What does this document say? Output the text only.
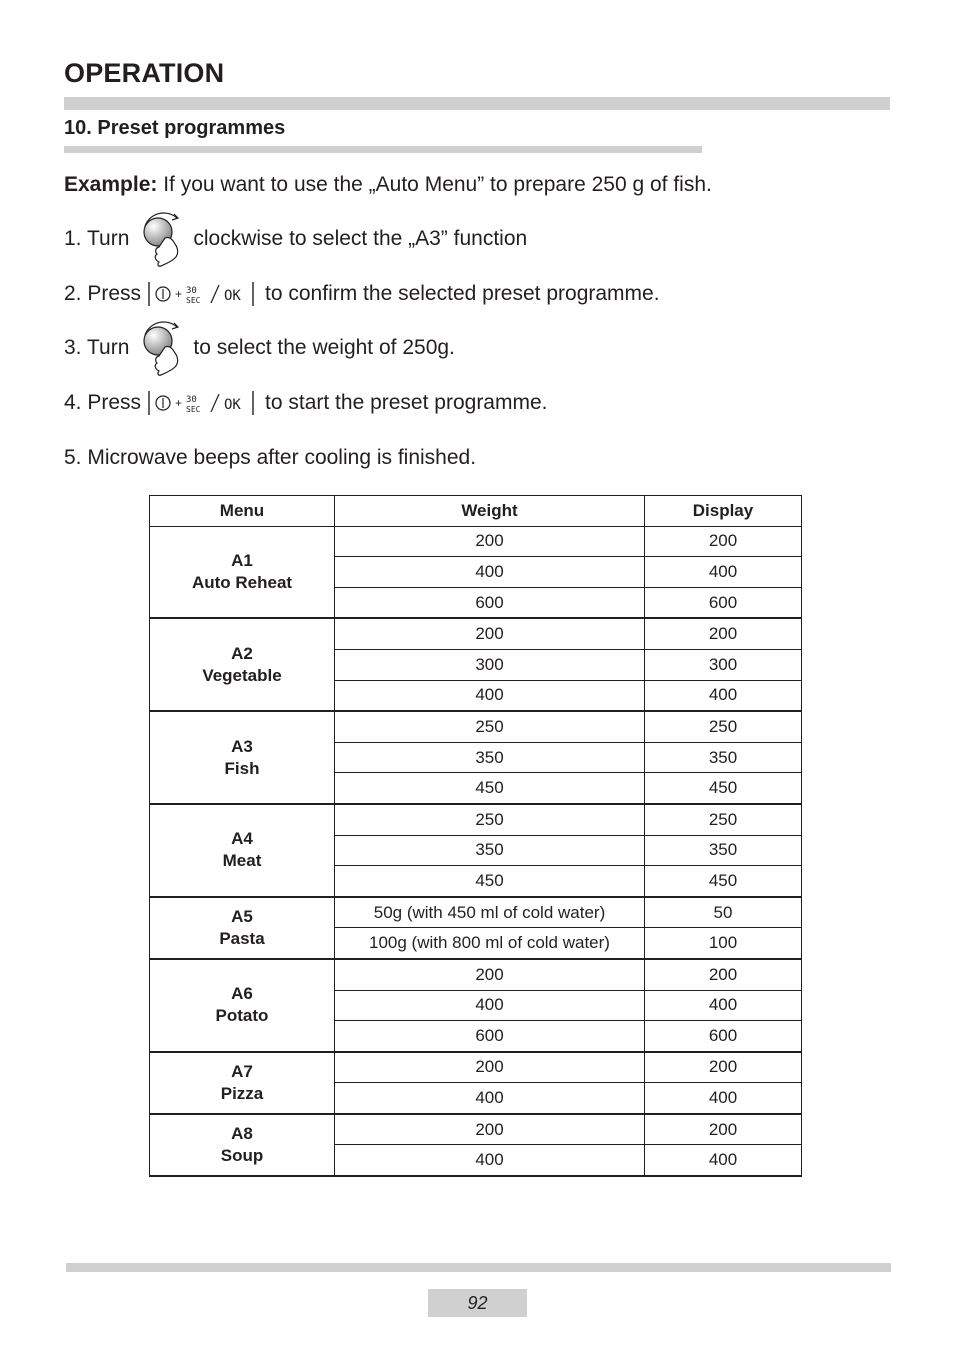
OPERATION
10. Preset programmes
Example: If you want to use the „Auto Menu” to prepare 250 g of fish.
1. Turn	clockwise to select the „A3” function
2. Press	+ 30
SEC OK to confirm the selected preset programme.
3. Turn	to select the weight of 250g.
4. Press	+ 30
SEC OK to start the preset programme.
5. Microwave beeps after cooling is finished.
Menu	Weight	Display

A1
Auto Reheat	200	200
	400	400
	600	600

A2
Vegetable	200	200
	300	300
	400	400

A3
Fish	250	250
	350	350
	450	450

A4
Meat	250	250
	350	350
	450	450

A5
Pasta	50g (with 450 ml of cold water)	50
	100g (with 800 ml of cold water)	100

A6
Potato	200	200
	400	400
	600	600

A7
Pizza	200	200
	400	400

A8
Soup	200	200
	400	400
92
